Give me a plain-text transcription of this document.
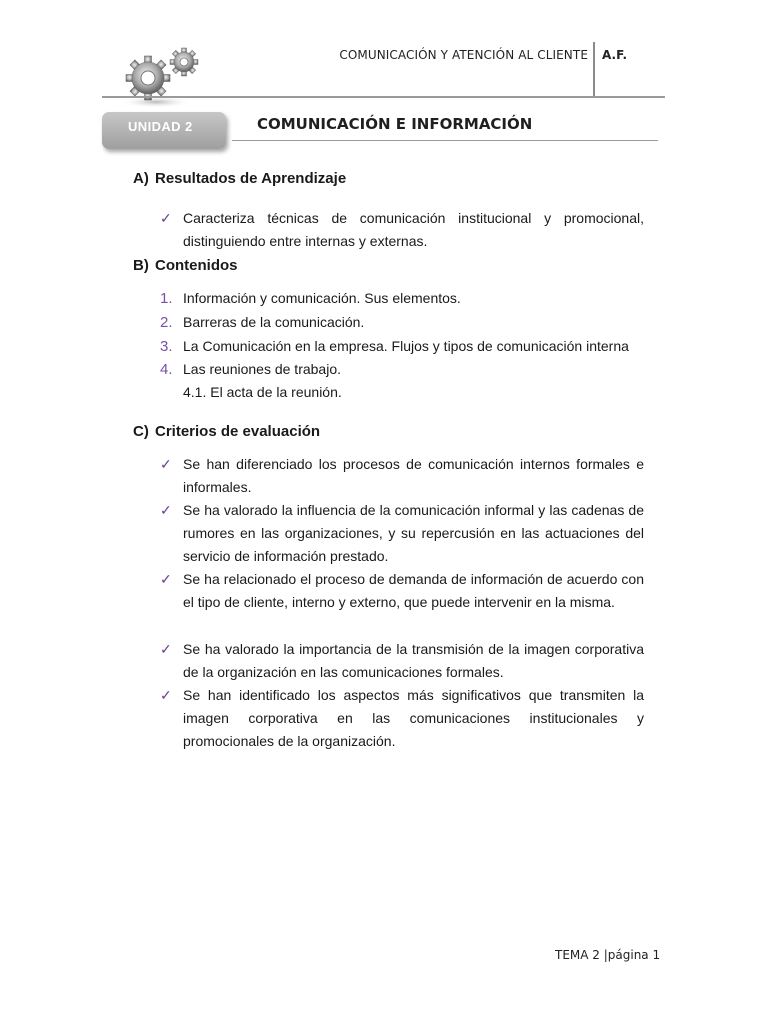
COMUNICACIÓN Y ATENCIÓN AL CLIENTE A.F.
UNIDAD 2	COMUNICACIÓN E INFORMACIÓN
A) Resultados de Aprendizaje
✓ Caracteriza técnicas de comunicación institucional y promocional, distinguiendo entre internas y externas.
B) Contenidos
1. Información y comunicación. Sus elementos.
2. Barreras de la comunicación.
3. La Comunicación en la empresa. Flujos y tipos de comunicación interna
4. Las reuniones de trabajo.
4.1. El acta de la reunión.
C) Criterios de evaluación
✓ Se han diferenciado los procesos de comunicación internos formales e informales.
✓ Se ha valorado la influencia de la comunicación informal y las cadenas de rumores en las organizaciones, y su repercusión en las actuaciones del servicio de información prestado.
✓ Se ha relacionado el proceso de demanda de información de acuerdo con el tipo de cliente, interno y externo, que puede intervenir en la misma.
✓ Se ha valorado la importancia de la transmisión de la imagen corporativa de la organización en las comunicaciones formales.
✓ Se han identificado los aspectos más significativos que transmiten la imagen corporativa en las comunicaciones institucionales y promocionales de la organización.
TEMA 2 |página 1
